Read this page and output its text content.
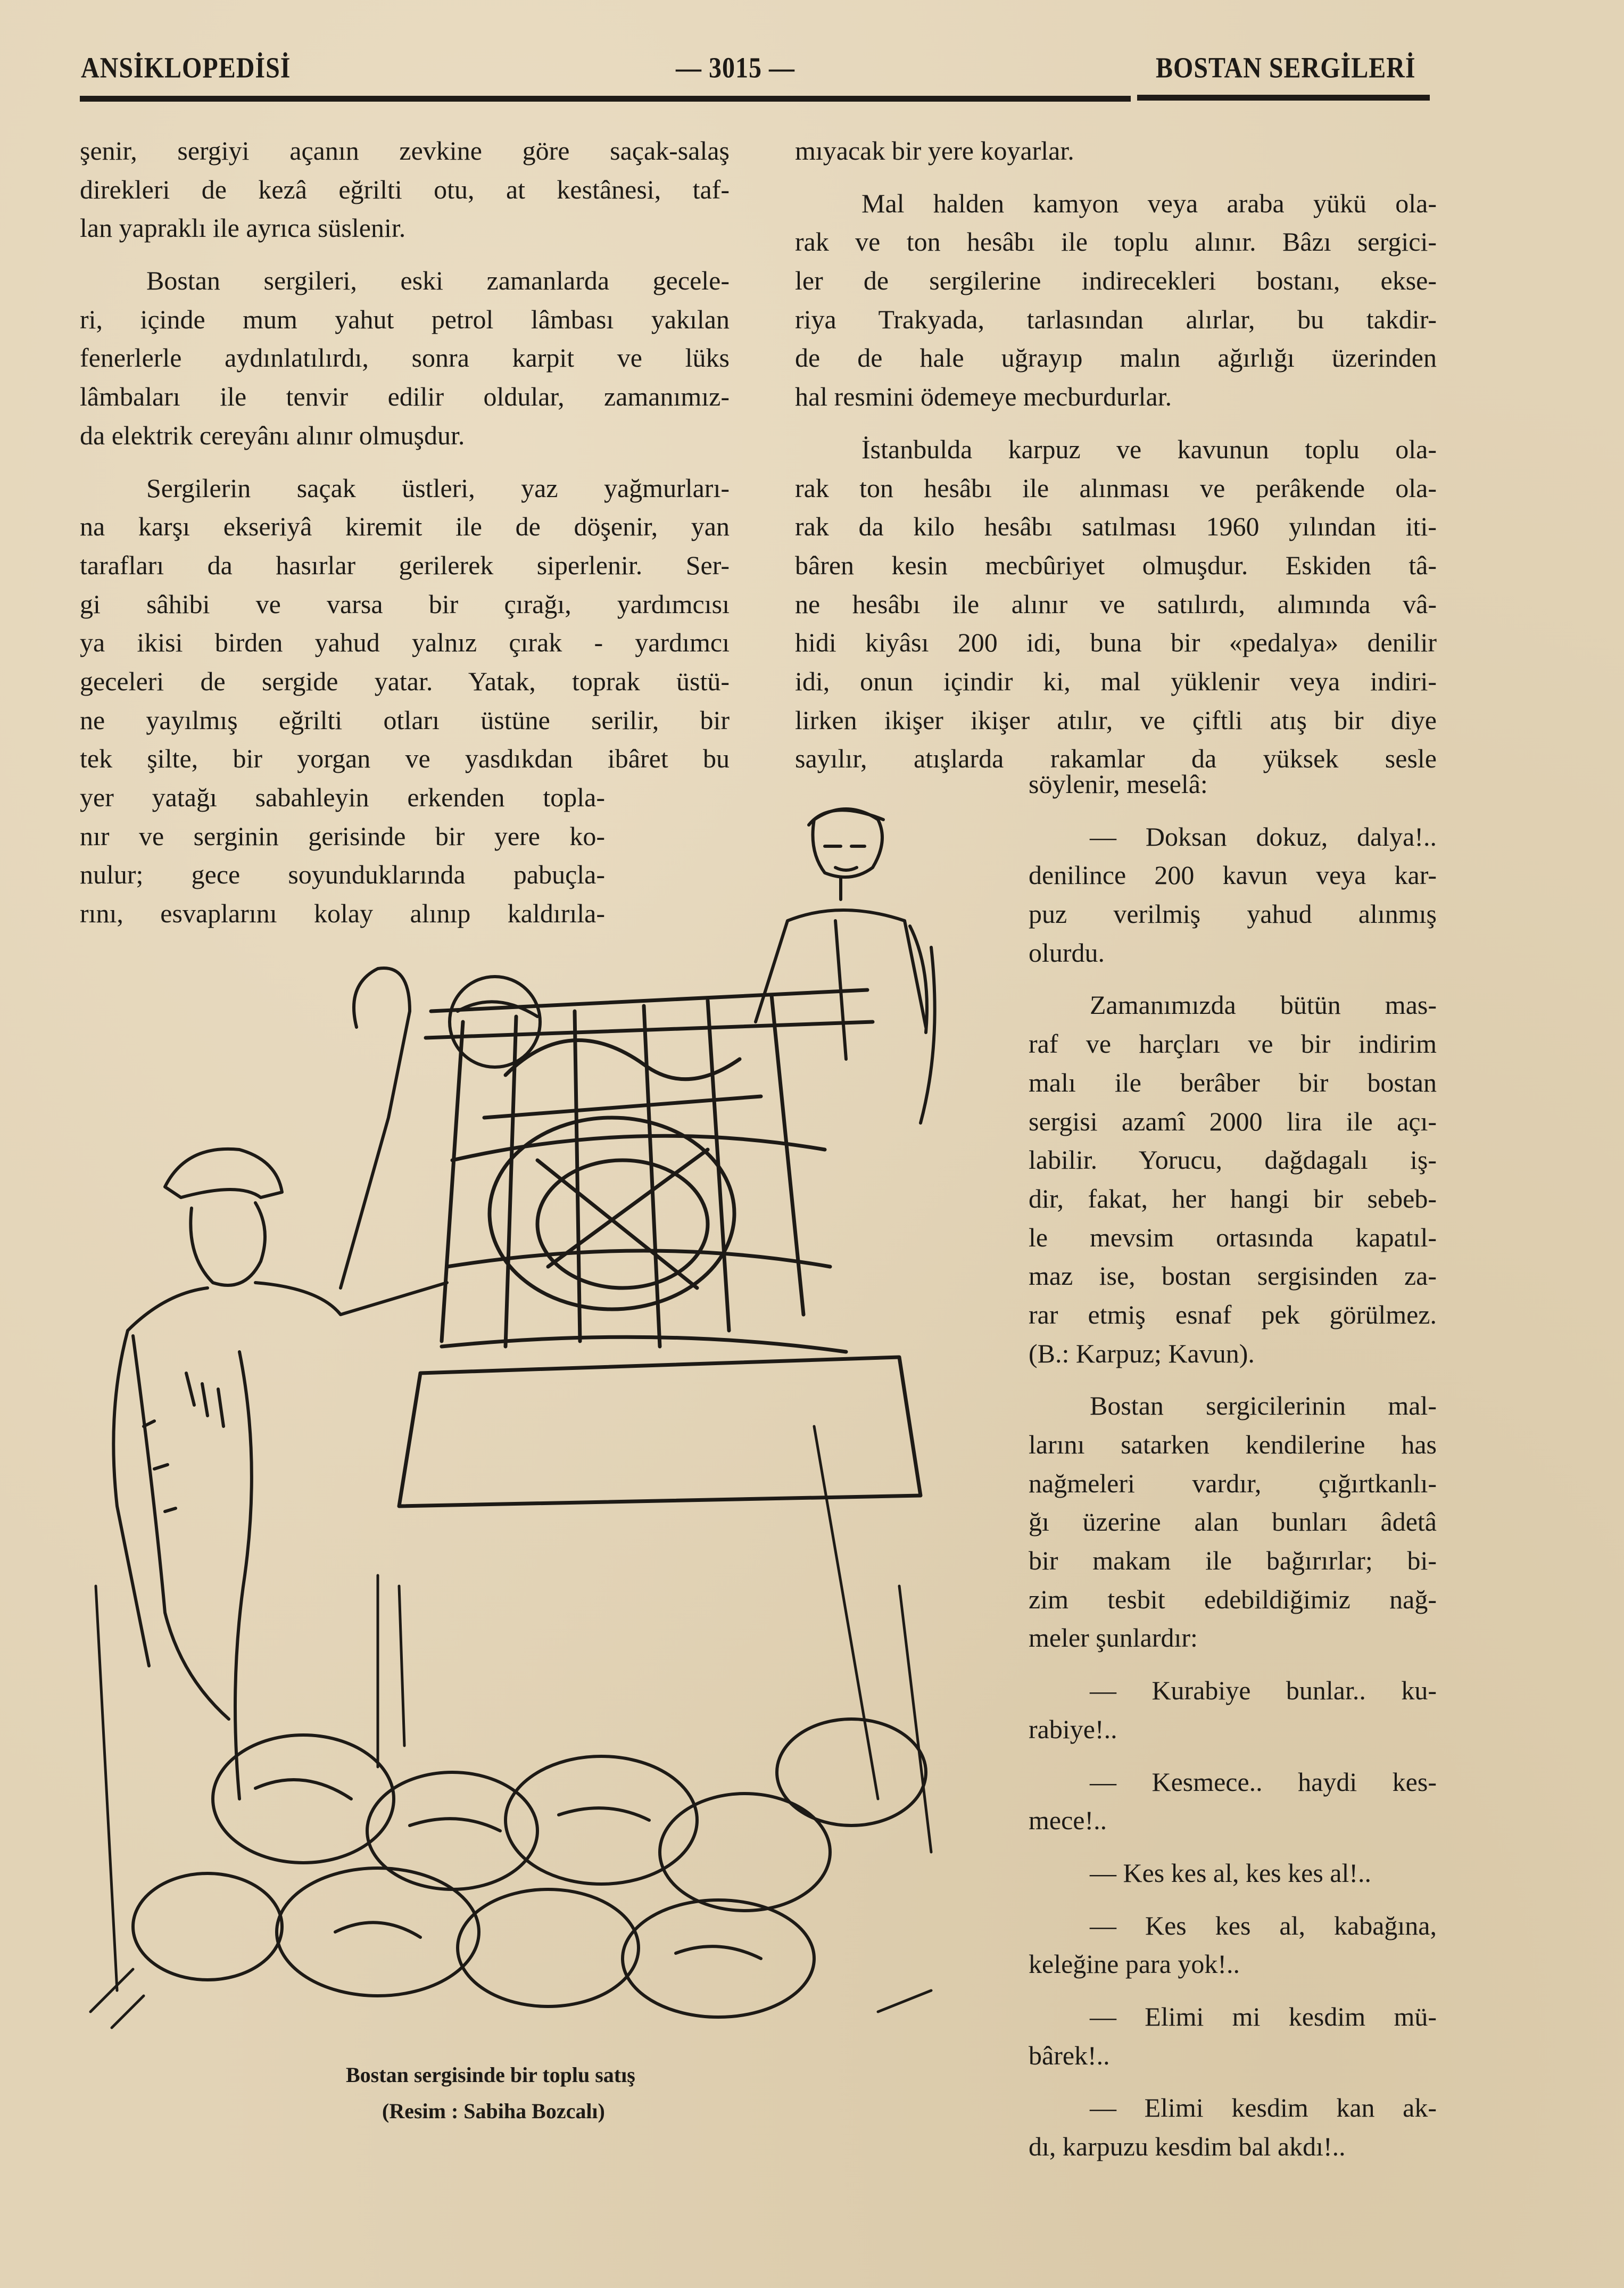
ANSİKLOPEDİSİ	— 3015 —	BOSTAN SERGİLERİ
şenir, sergiyi açanın zevkine göre saçak-salaş
direkleri de kezâ eğrilti otu, at kestânesi, taf-
lan yapraklı ile ayrıca süslenir.
Bostan sergileri, eski zamanlarda gecele-
ri, içinde mum yahut petrol lâmbası yakılan
fenerlerle aydınlatılırdı, sonra karpit ve lüks
lâmbaları ile tenvir edilir oldular, zamanımız-
da elektrik cereyânı alınır olmuşdur.
Sergilerin saçak üstleri, yaz yağmurları-
na karşı ekseriyâ kiremit ile de döşenir, yan
tarafları da hasırlar gerilerek siperlenir. Ser-
gi sâhibi ve varsa bir çırağı, yardımcısı
ya ikisi birden yahud yalnız çırak - yardımcı
geceleri de sergide yatar. Yatak, toprak üstü-
ne yayılmış eğrilti otları üstüne serilir, bir
tek şilte, bir yorgan ve yasdıkdan ibâret bu
yer yatağı sabahleyin erkenden topla-
nır ve serginin gerisinde bir yere ko-
nulur; gece soyunduklarında pabuçla-
rını, esvaplarını kolay alınıp kaldırıla-
mıyacak bir yere koyarlar.
Mal halden kamyon veya araba yükü ola-
rak ve ton hesâbı ile toplu alınır. Bâzı sergici-
ler de sergilerine indirecekleri bostanı, ekse-
riya Trakyada, tarlasından alırlar, bu takdir-
de de hale uğrayıp malın ağırlığı üzerinden
hal resmini ödemeye mecburdurlar.
İstanbulda karpuz ve kavunun toplu ola-
rak ton hesâbı ile alınması ve perâkende ola-
rak da kilo hesâbı satılması 1960 yılından iti-
bâren kesin mecbûriyet olmuşdur. Eskiden tâ-
ne hesâbı ile alınır ve satılırdı, alımında vâ-
hidi kiyâsı 200 idi, buna bir «pedalya» denilir
idi, onun içindir ki, mal yüklenir veya indiri-
lirken ikişer ikişer atılır, ve çiftli atış bir diye
sayılır, atışlarda rakamlar da yüksek sesle
söylenir, meselâ:
— Doksan dokuz, dalya!..
denilince 200 kavun veya kar-
puz verilmiş yahud alınmış
olurdu.
Zamanımızda bütün mas-
raf ve harçları ve bir indirim
malı ile berâber bir bostan
sergisi azamî 2000 lira ile açı-
labilir. Yorucu, dağdagalı iş-
dir, fakat, her hangi bir sebeb-
le mevsim ortasında kapatıl-
maz ise, bostan sergisinden za-
rar etmiş esnaf pek görülmez.
(B.: Karpuz; Kavun).
Bostan sergicilerinin mal-
larını satarken kendilerine has
nağmeleri vardır, çığırtkanlı-
ğı üzerine alan bunları âdetâ
bir makam ile bağırırlar; bi-
zim tesbit edebildiğimiz nağ-
meler şunlardır:
— Kurabiye bunlar.. ku-
rabiye!..
— Kesmece.. haydi kes-
mece!..
— Kes kes al, kes kes al!..
— Kes kes al, kabağına,
keleğine para yok!..
— Elimi mi kesdim mü-
bârek!..
— Elimi kesdim kan ak-
dı, karpuzu kesdim bal akdı!..
Bostan sergisinde bir toplu satış
(Resim : Sabiha Bozcalı)
